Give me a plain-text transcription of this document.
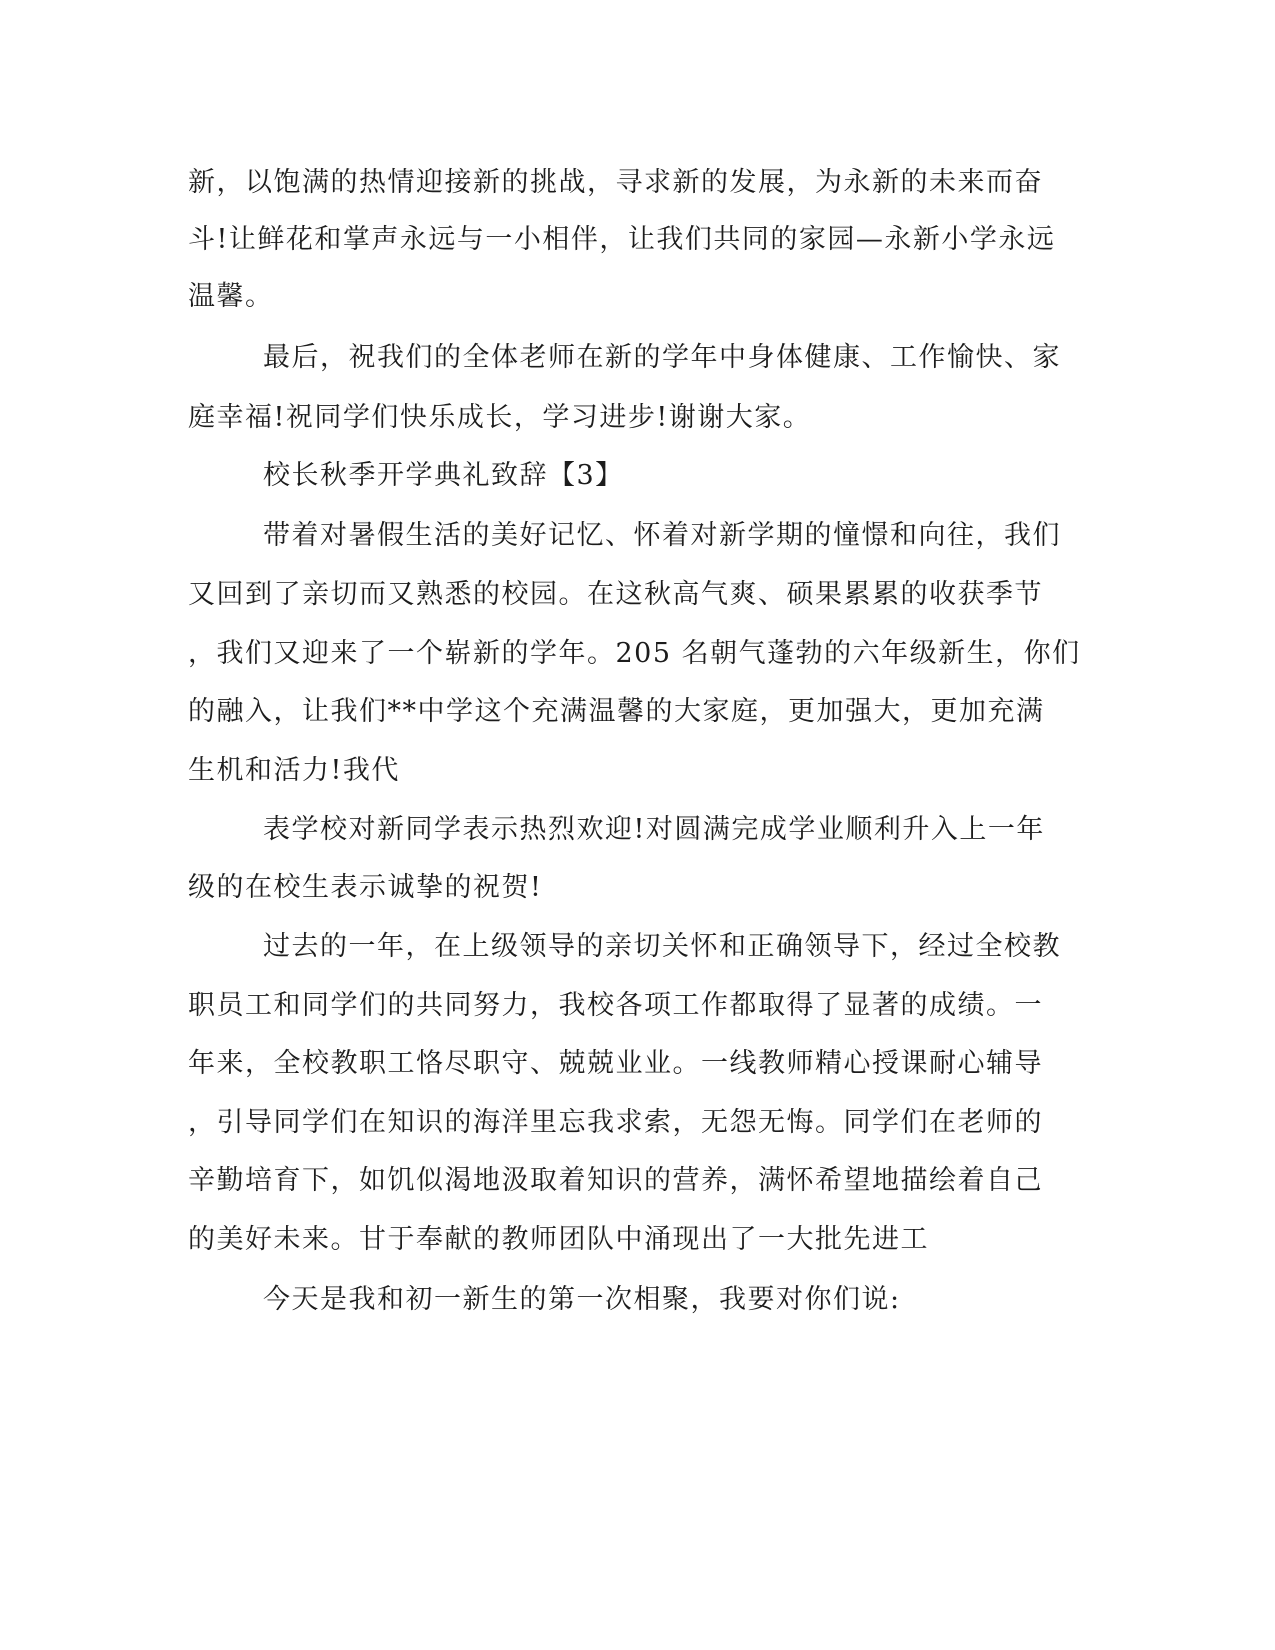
新，以饱满的热情迎接新的挑战，寻求新的发展，为永新的未来而奋
斗!让鲜花和掌声永远与一小相伴，让我们共同的家园—永新小学永远
温馨。
最后，祝我们的全体老师在新的学年中身体健康、工作愉快、家
庭幸福!祝同学们快乐成长，学习进步!谢谢大家。
校长秋季开学典礼致辞【3】
带着对暑假生活的美好记忆、怀着对新学期的憧憬和向往，我们
又回到了亲切而又熟悉的校园。在这秋高气爽、硕果累累的收获季节
，我们又迎来了一个崭新的学年。205 名朝气蓬勃的六年级新生，你们
的融入，让我们**中学这个充满温馨的大家庭，更加强大，更加充满
生机和活力!我代
表学校对新同学表示热烈欢迎!对圆满完成学业顺利升入上一年
级的在校生表示诚挚的祝贺!
过去的一年，在上级领导的亲切关怀和正确领导下，经过全校教
职员工和同学们的共同努力，我校各项工作都取得了显著的成绩。一
年来，全校教职工恪尽职守、兢兢业业。一线教师精心授课耐心辅导
，引导同学们在知识的海洋里忘我求索，无怨无悔。同学们在老师的
辛勤培育下，如饥似渴地汲取着知识的营养，满怀希望地描绘着自己
的美好未来。甘于奉献的教师团队中涌现出了一大批先进工
今天是我和初一新生的第一次相聚，我要对你们说:
